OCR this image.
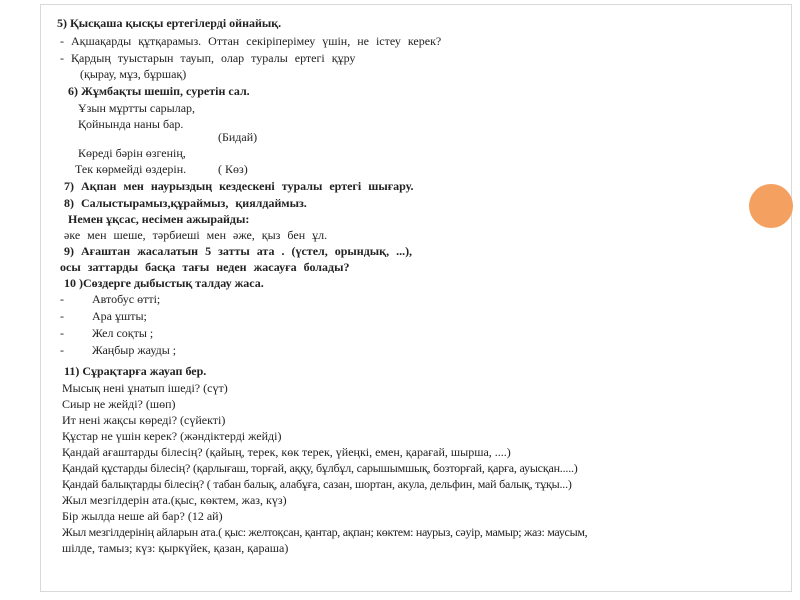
5) Қысқаша қысқы ертегілерді ойнайық.
- Ақшақарды құтқарамыз. Оттан секіріперімеу үшін, не істеу керек?
- Қардың туыстарын тауып, олар туралы ертегі құру
(қырау, мұз, бұршақ)
6) Жұмбақты шешіп, суретін сал.
Ұзын мұртты сарылар,
Қойнында наны бар.
(Бидай)
Көреді бәрін өзгенің,
Тек көрмейді өздерін.	( Көз)
7) Ақпан мен наурыздың кездескені туралы ертегі шығару.
8) Салыстырамыз,құраймыз, қиялдаймыз.
Немен ұқсас, несімен ажырайды:
әке мен шеше, тәрбиеші мен әже, қыз бен ұл.
9) Ағаштан жасалатын 5 затты ата . (үстел, орындық, ...),
осы заттарды басқа тағы неден жасауға болады?
10 )Сөздерге дыбыстық талдау жаса.
- Автобус өтті;
- Ара ұшты;
- Жел соқты ;
- Жаңбыр жауды ;
11) Сұрақтарға жауап бер.
Мысық нені ұнатып ішеді? (сүт)
Сиыр не жейді? (шөп)
Ит нені жақсы көреді? (сүйекті)
Құстар не үшін керек? (жәндіктерді жейді)
Қандай ағаштарды білесің? (қайың, терек, көк терек, үйеңкі, емен, қарағай, шырша, ....)
Қандай құстарды білесің? (қарлығаш, торғай, аққу, бұлбұл, сарышымшық, бозторғай, қарға, ауысқан.....)
Қандай балықтарды білесің? ( табан балық, алабұға, сазан, шортан, акула, дельфин, май балық, тұқы...)
Жыл мезгілдерін ата.(қыс, көктем, жаз, күз)
Бір жылда неше ай бар? (12 ай)
Жыл мезгілдерінің айларын ата.( қыс: желтоқсан, қантар, ақпан; көктем: наурыз, сәуір, мамыр; жаз: маусым,
шілде, тамыз; күз: қыркүйек, қазан, қараша)
